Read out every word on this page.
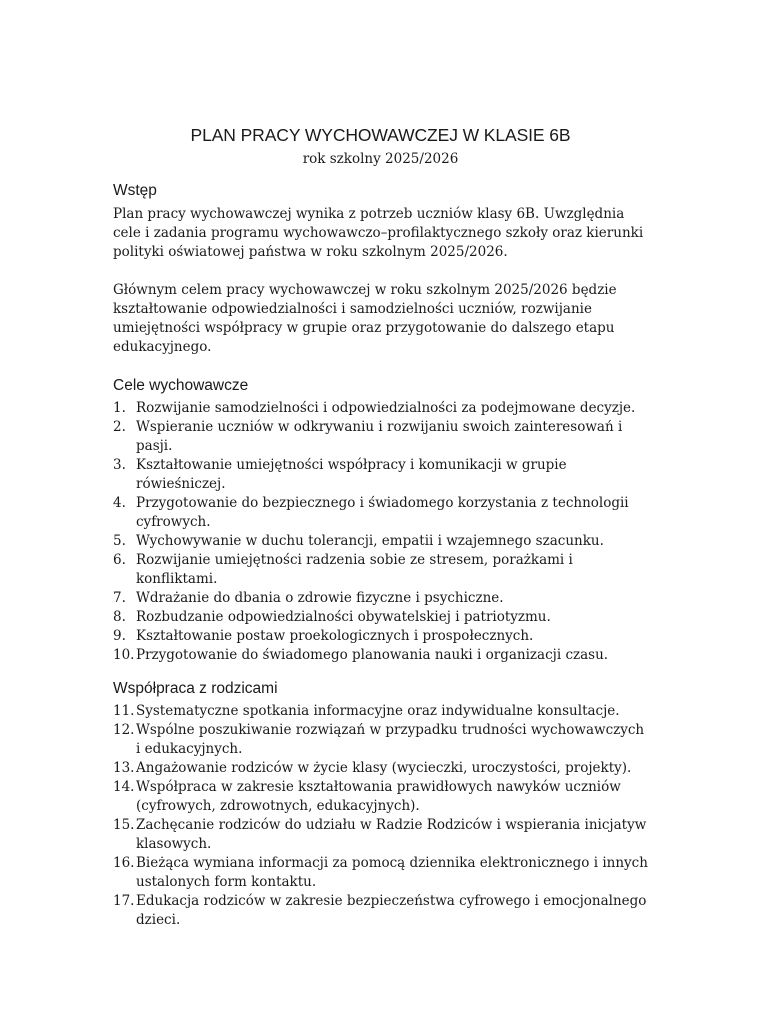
PLAN PRACY WYCHOWAWCZEJ W KLASIE 6B
rok szkolny 2025/2026
Wstęp

Plan pracy wychowawczej wynika z potrzeb uczniów klasy 6B. Uwzględnia cele i zadania programu wychowawczo–profilaktycznego szkoły oraz kierunki polityki oświatowej państwa w roku szkolnym 2025/2026.

Głównym celem pracy wychowawczej w roku szkolnym 2025/2026 będzie kształtowanie odpowiedzialności i samodzielności uczniów, rozwijanie umiejętności współpracy w grupie oraz przygotowanie do dalszego etapu edukacyjnego.

Cele wychowawcze
1. Rozwijanie samodzielności i odpowiedzialności za podejmowane decyzje.
2. Wspieranie uczniów w odkrywaniu i rozwijaniu swoich zainteresowań i pasji.
3. Kształtowanie umiejętności współpracy i komunikacji w grupie rówieśniczej.
4. Przygotowanie do bezpiecznego i świadomego korzystania z technologii cyfrowych.
5. Wychowywanie w duchu tolerancji, empatii i wzajemnego szacunku.
6. Rozwijanie umiejętności radzenia sobie ze stresem, porażkami i konfliktami.
7. Wdrażanie do dbania o zdrowie fizyczne i psychiczne.
8. Rozbudzanie odpowiedzialności obywatelskiej i patriotyzmu.
9. Kształtowanie postaw proekologicznych i prospołecznych.
10. Przygotowanie do świadomego planowania nauki i organizacji czasu.
Współpraca z rodzicami
11. Systematyczne spotkania informacyjne oraz indywidualne konsultacje.
12. Wspólne poszukiwanie rozwiązań w przypadku trudności wychowawczych i edukacyjnych.
13. Angażowanie rodziców w życie klasy (wycieczki, uroczystości, projekty).
14. Współpraca w zakresie kształtowania prawidłowych nawyków uczniów (cyfrowych, zdrowotnych, edukacyjnych).
15. Zachęcanie rodziców do udziału w Radzie Rodziców i wspierania inicjatyw klasowych.
16. Bieżąca wymiana informacji za pomocą dziennika elektronicznego i innych ustalonych form kontaktu.
17. Edukacja rodziców w zakresie bezpieczeństwa cyfrowego i emocjonalnego dzieci.
